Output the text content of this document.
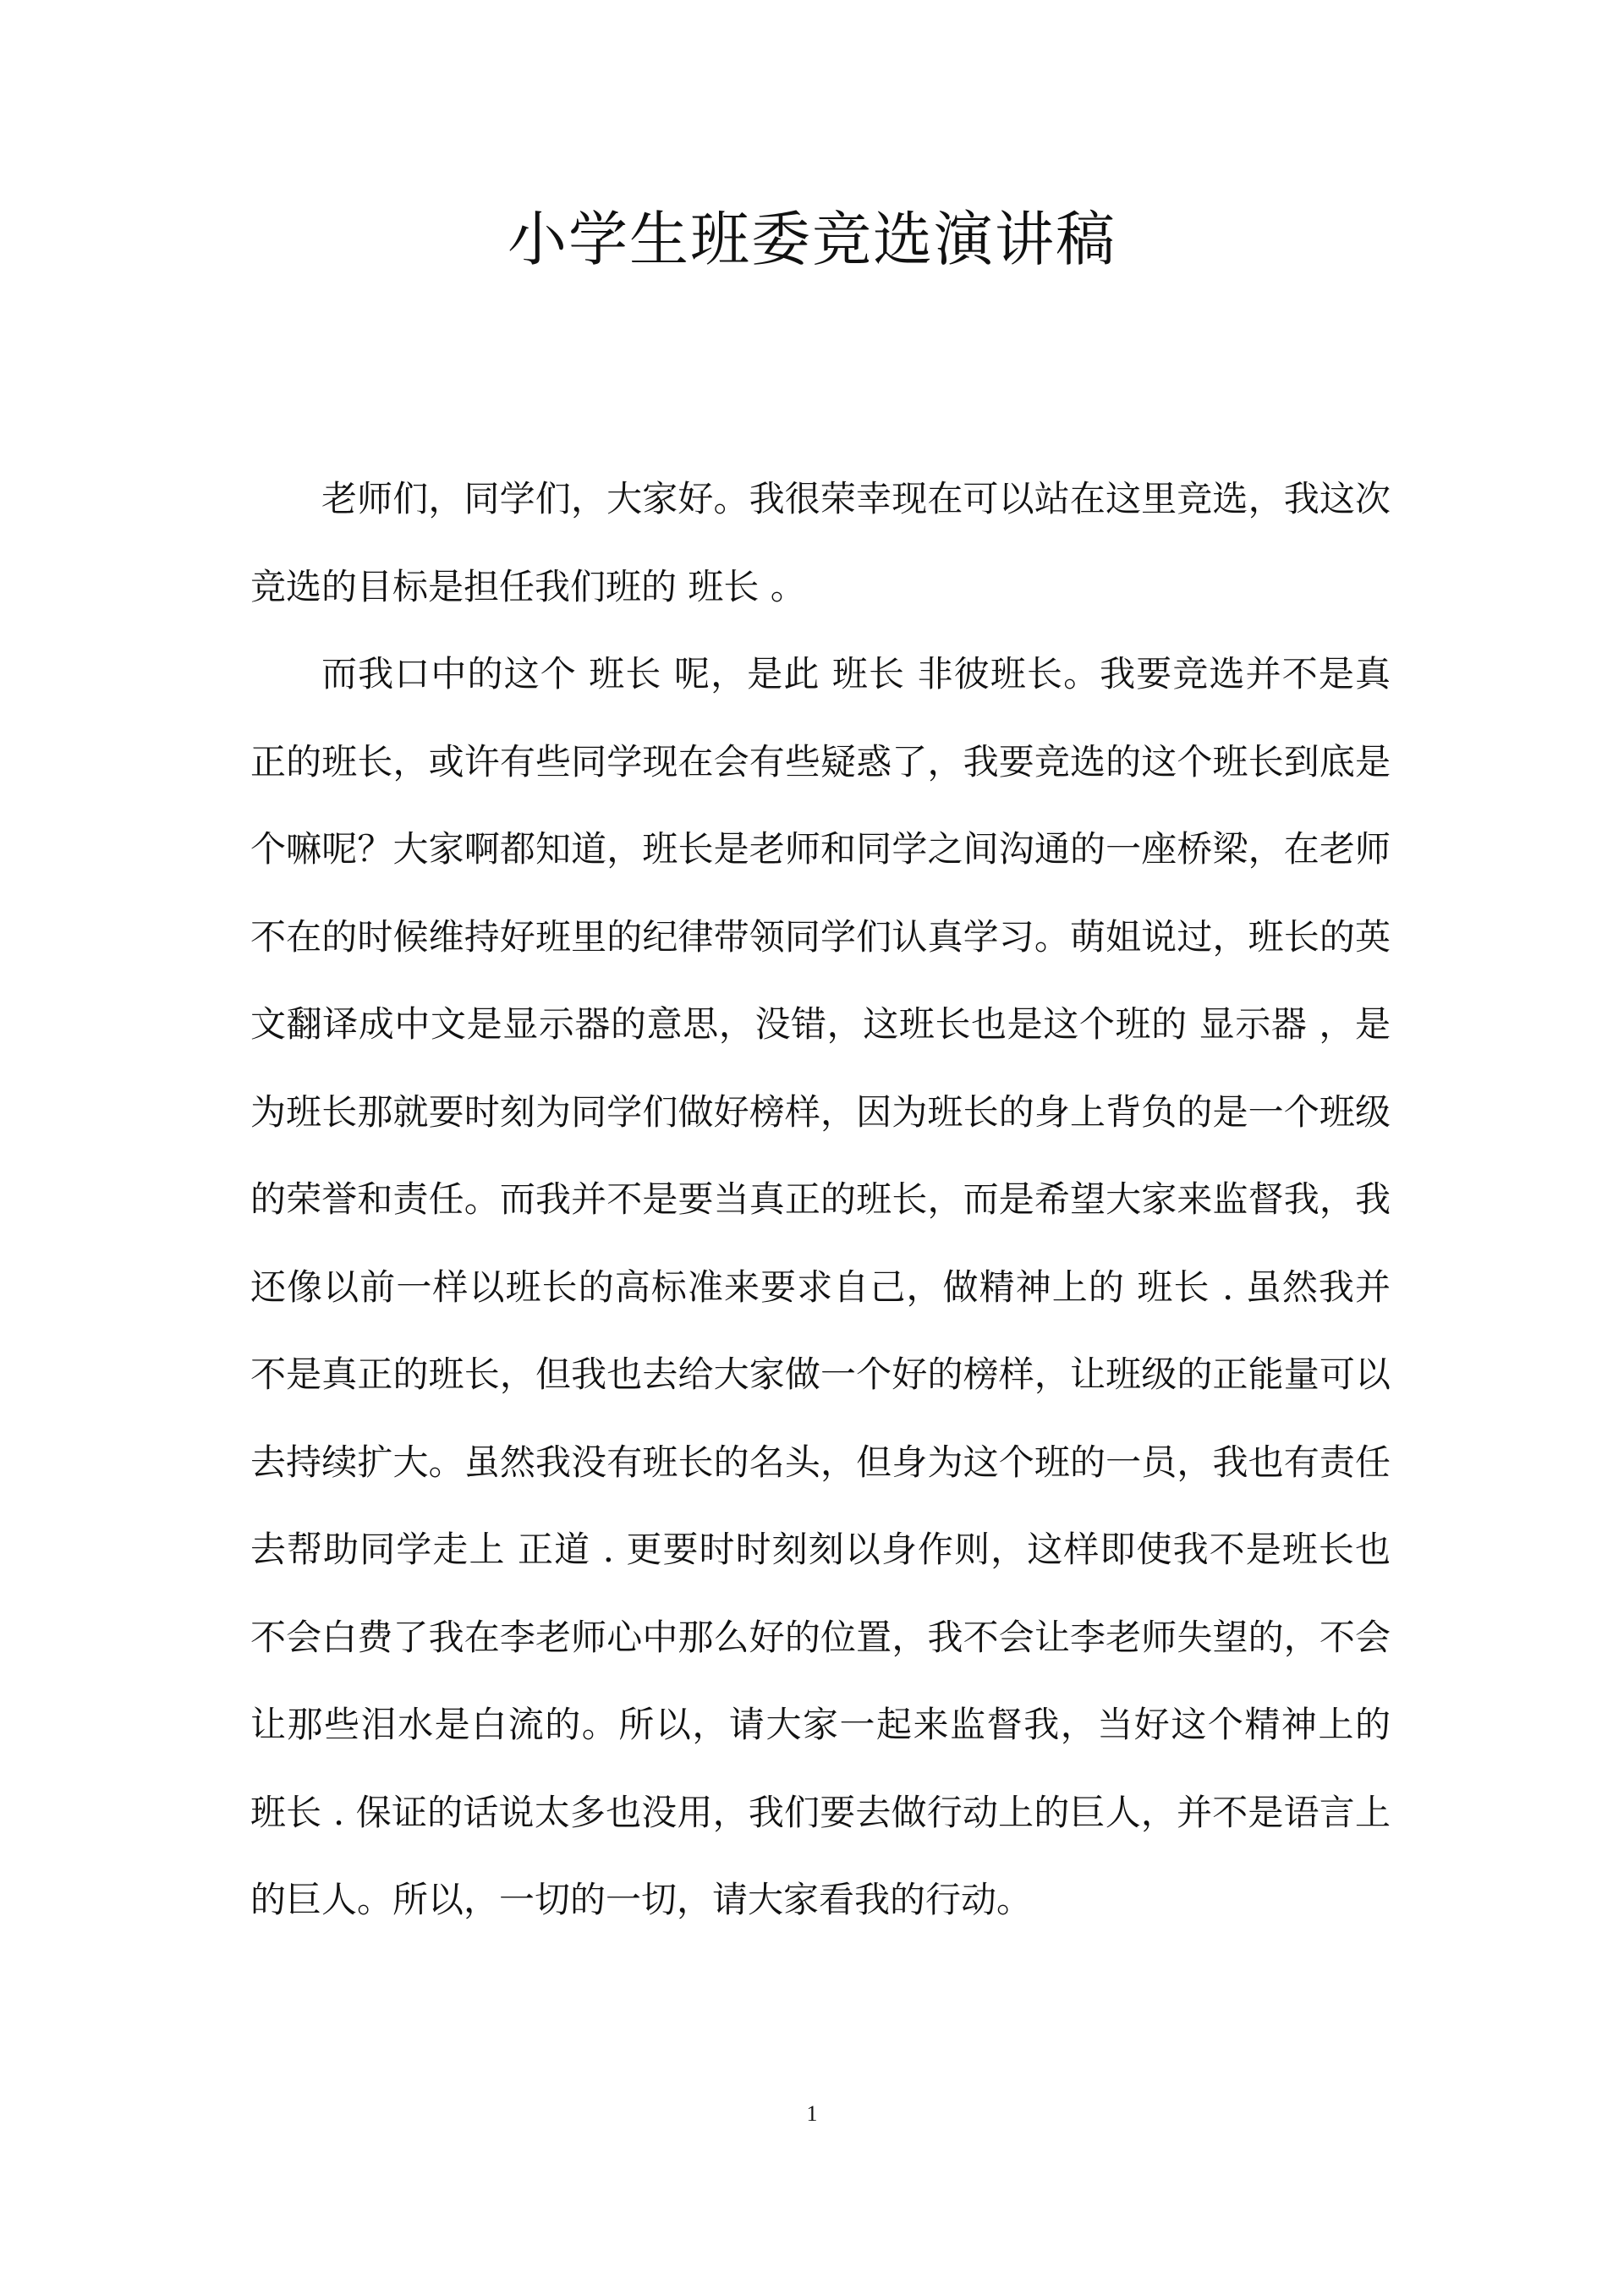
小学生班委竞选演讲稿

老师们，同学们，大家好。我很荣幸现在可以站在这里竞选，我这次竞选的目标是担任我们班的 班长 。

而我口中的这个 班长 呢，是此 班长 非彼班长。我要竞选并不是真正的班长，或许有些同学现在会有些疑惑了，我要竞选的这个班长到底是个嘛呢？大家啊都知道，班长是老师和同学之间沟通的一座桥梁，在老师不在的时候维持好班里的纪律带领同学们认真学习。萌姐说过，班长的英文翻译成中文是显示器的意思，没错，这班长也是这个班的 显示器 ，是为班长那就要时刻为同学们做好榜样，因为班长的身上背负的是一个班级的荣誉和责任。而我并不是要当真正的班长，而是希望大家来监督我，我还像以前一样以班长的高标准来要求自己，做精神上的 班长 . 虽然我并不是真正的班长，但我也去给大家做一个好的榜样，让班级的正能量可以去持续扩大。虽然我没有班长的名头，但身为这个班的一员，我也有责任去帮助同学走上 正道 . 更要时时刻刻以身作则，这样即使我不是班长也不会白费了我在李老师心中那么好的位置，我不会让李老师失望的，不会让那些泪水是白流的。所以，请大家一起来监督我，当好这个精神上的 班长 . 保证的话说太多也没用，我们要去做行动上的巨人，并不是语言上的巨人。所以，一切的一切，请大家看我的行动。

1
